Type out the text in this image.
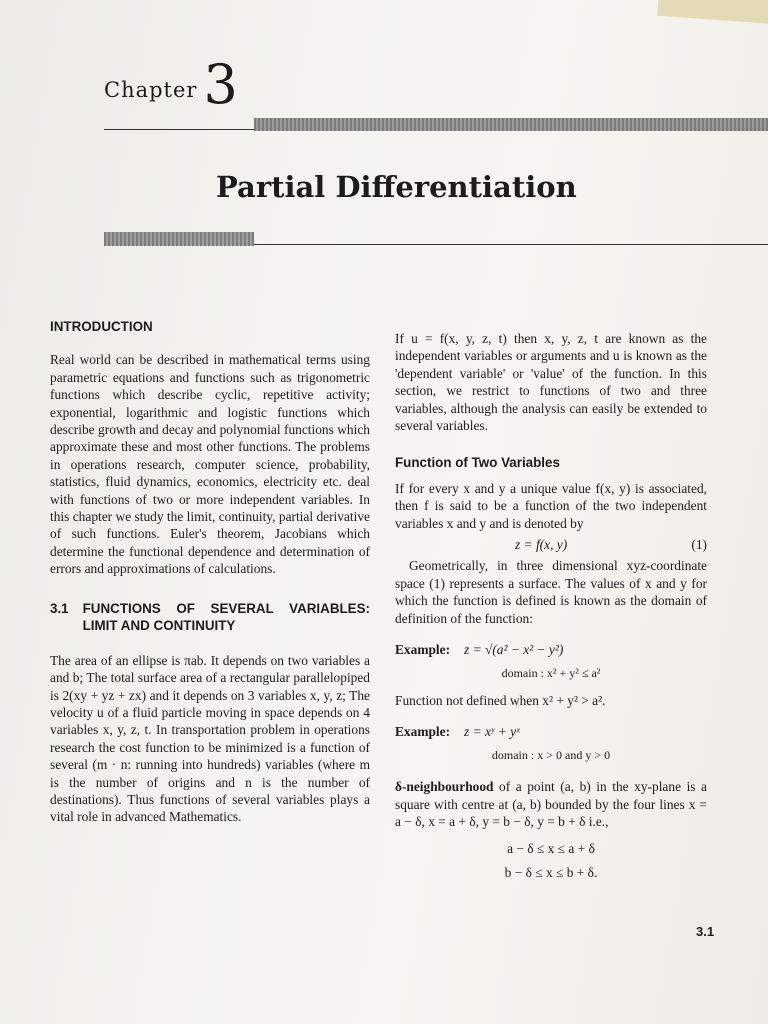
Chapter 3
Partial Differentiation
INTRODUCTION

Real world can be described in mathematical terms using parametric equations and functions such as trigonometric functions which describe cyclic, repetitive activity; exponential, logarithmic and logistic functions which describe growth and decay and polynomial functions which approximate these and most other functions. The problems in operations research, computer science, probability, statistics, fluid dynamics, economics, electricity etc. deal with functions of two or more independent variables. In this chapter we study the limit, continuity, partial derivative of such functions. Euler's theorem, Jacobians which determine the functional dependence and determination of errors and approximations of calculations.

3.1 FUNCTIONS OF SEVERAL VARIABLES: LIMIT AND CONTINUITY

The area of an ellipse is πab. It depends on two variables a and b; The total surface area of a rectangular parallelopiped is 2(xy + yz + zx) and it depends on 3 variables x, y, z; The velocity u of a fluid particle moving in space depends on 4 variables x, y, z, t. In transportation problem in operations research the cost function to be minimized is a function of several (m · n: running into hundreds) variables (where m is the number of origins and n is the number of destinations). Thus functions of several variables plays a vital role in advanced Mathematics.

If u = f(x, y, z, t) then x, y, z, t are known as the independent variables or arguments and u is known as the 'dependent variable' or 'value' of the function. In this section, we restrict to functions of two and three variables, although the analysis can easily be extended to several variables.

Function of Two Variables

If for every x and y a unique value f(x, y) is associated, then f is said to be a function of the two independent variables x and y and is denoted by

z = f(x, y)	(1)

Geometrically, in three dimensional xyz-coordinate space (1) represents a surface. The values of x and y for which the function is defined is known as the domain of definition of the function:

Example: z = √(a² − x² − y²)
domain : x² + y² ≤ a²

Function not defined when x² + y² > a².

Example: z = xʸ + yˣ
domain : x > 0 and y > 0

δ-neighbourhood of a point (a, b) in the xy-plane is a square with centre at (a, b) bounded by the four lines x = a − δ, x = a + δ, y = b − δ, y = b + δ i.e.,

a − δ ≤ x ≤ a + δ
b − δ ≤ x ≤ b + δ.
3.1
